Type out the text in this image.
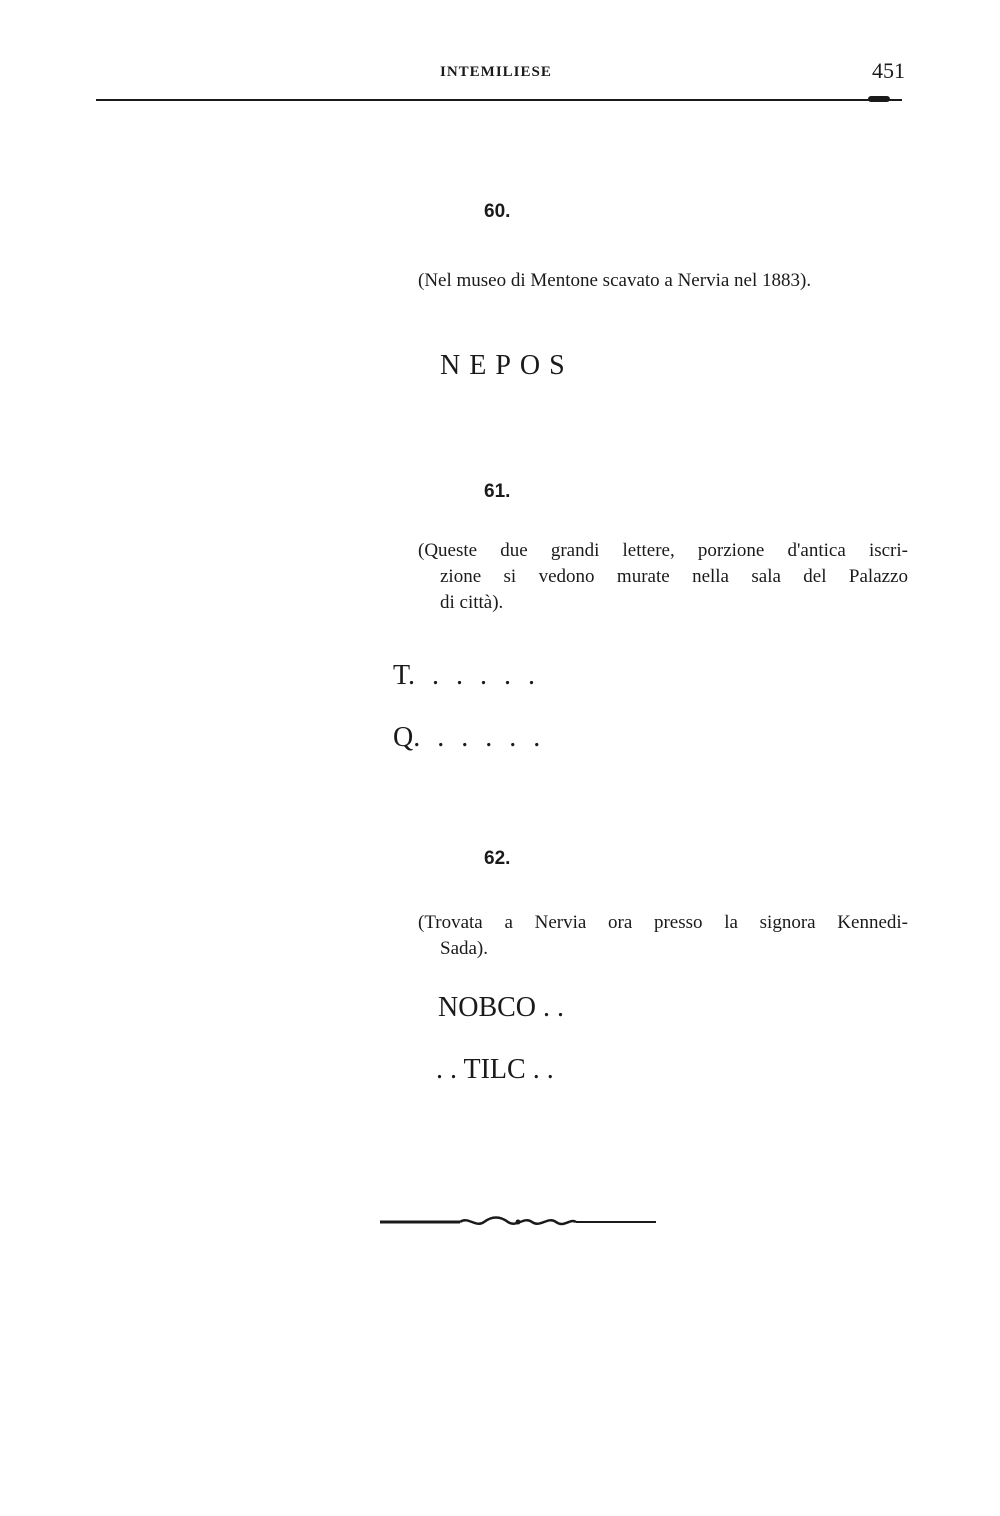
INTEMILIESE	451
60.
(Nel museo di Mentone scavato a Nervia nel 1883).
NEPOS
61.
(Queste due grandi lettere, porzione d'antica iscri-
zione si vedono murate nella sala del Palazzo
di città).
T. . . . . .
Q. . . . . .
62.
(Trovata a Nervia ora presso la signora Kennedi-
Sada).
NOBCO . .
. . TILC . .
